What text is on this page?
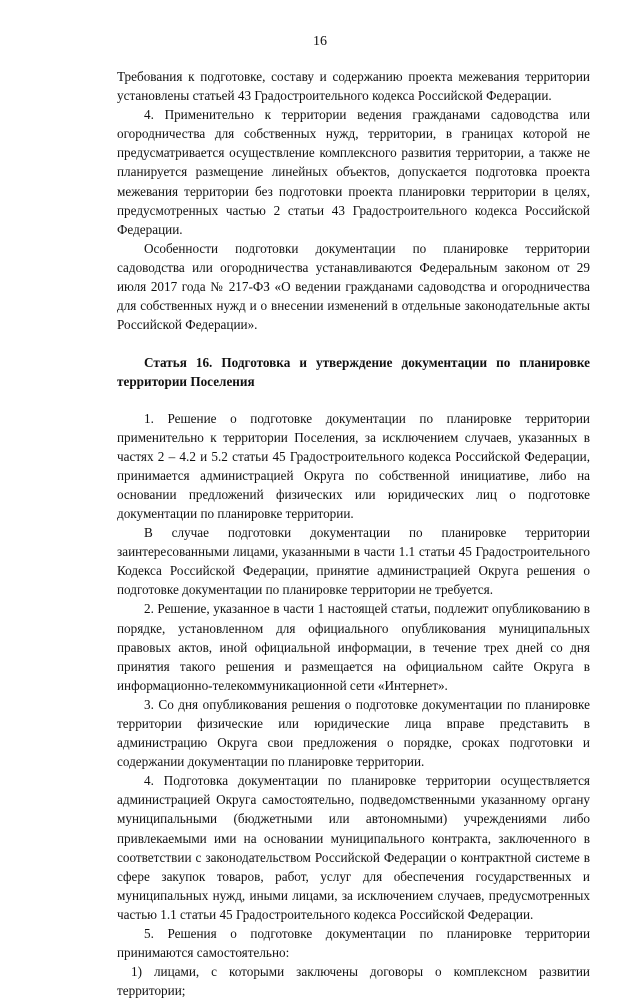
16

Требования к подготовке, составу и содержанию проекта межевания территории установлены статьей 43 Градостроительного кодекса Российской Федерации.

4. Применительно к территории ведения гражданами садоводства или огородничества для собственных нужд, территории, в границах которой не предусматривается осуществление комплексного развития территории, а также не планируется размещение линейных объектов, допускается подготовка проекта межевания территории без подготовки проекта планировки территории в целях, предусмотренных частью 2 статьи 43 Градостроительного кодекса Российской Федерации.

Особенности подготовки документации по планировке территории садоводства или огородничества устанавливаются Федеральным законом от 29 июля 2017 года № 217-ФЗ «О ведении гражданами садоводства и огородничества для собственных нужд и о внесении изменений в отдельные законодательные акты Российской Федерации».

Статья 16. Подготовка и утверждение документации по планировке территории Поселения

1. Решение о подготовке документации по планировке территории применительно к территории Поселения, за исключением случаев, указанных в частях 2 – 4.2 и 5.2 статьи 45 Градостроительного кодекса Российской Федерации, принимается администрацией Округа по собственной инициативе, либо на основании предложений физических или юридических лиц о подготовке документации по планировке территории.

В случае подготовки документации по планировке территории заинтересованными лицами, указанными в части 1.1 статьи 45 Градостроительного Кодекса Российской Федерации, принятие администрацией Округа решения о подготовке документации по планировке территории не требуется.

2. Решение, указанное в части 1 настоящей статьи, подлежит опубликованию в порядке, установленном для официального опубликования муниципальных правовых актов, иной официальной информации, в течение трех дней со дня принятия такого решения и размещается на официальном сайте Округа в информационно-телекоммуникационной сети «Интернет».

3. Со дня опубликования решения о подготовке документации по планировке территории физические или юридические лица вправе представить в администрацию Округа свои предложения о порядке, сроках подготовки и содержании документации по планировке территории.

4. Подготовка документации по планировке территории осуществляется администрацией Округа самостоятельно, подведомственными указанному органу муниципальными (бюджетными или автономными) учреждениями либо привлекаемыми ими на основании муниципального контракта, заключенного в соответствии с законодательством Российской Федерации о контрактной системе в сфере закупок товаров, работ, услуг для обеспечения государственных и муниципальных нужд, иными лицами, за исключением случаев, предусмотренных частью 1.1 статьи 45 Градостроительного кодекса Российской Федерации.

5. Решения о подготовке документации по планировке территории принимаются самостоятельно:

1) лицами, с которыми заключены договоры о комплексном развитии территории;
